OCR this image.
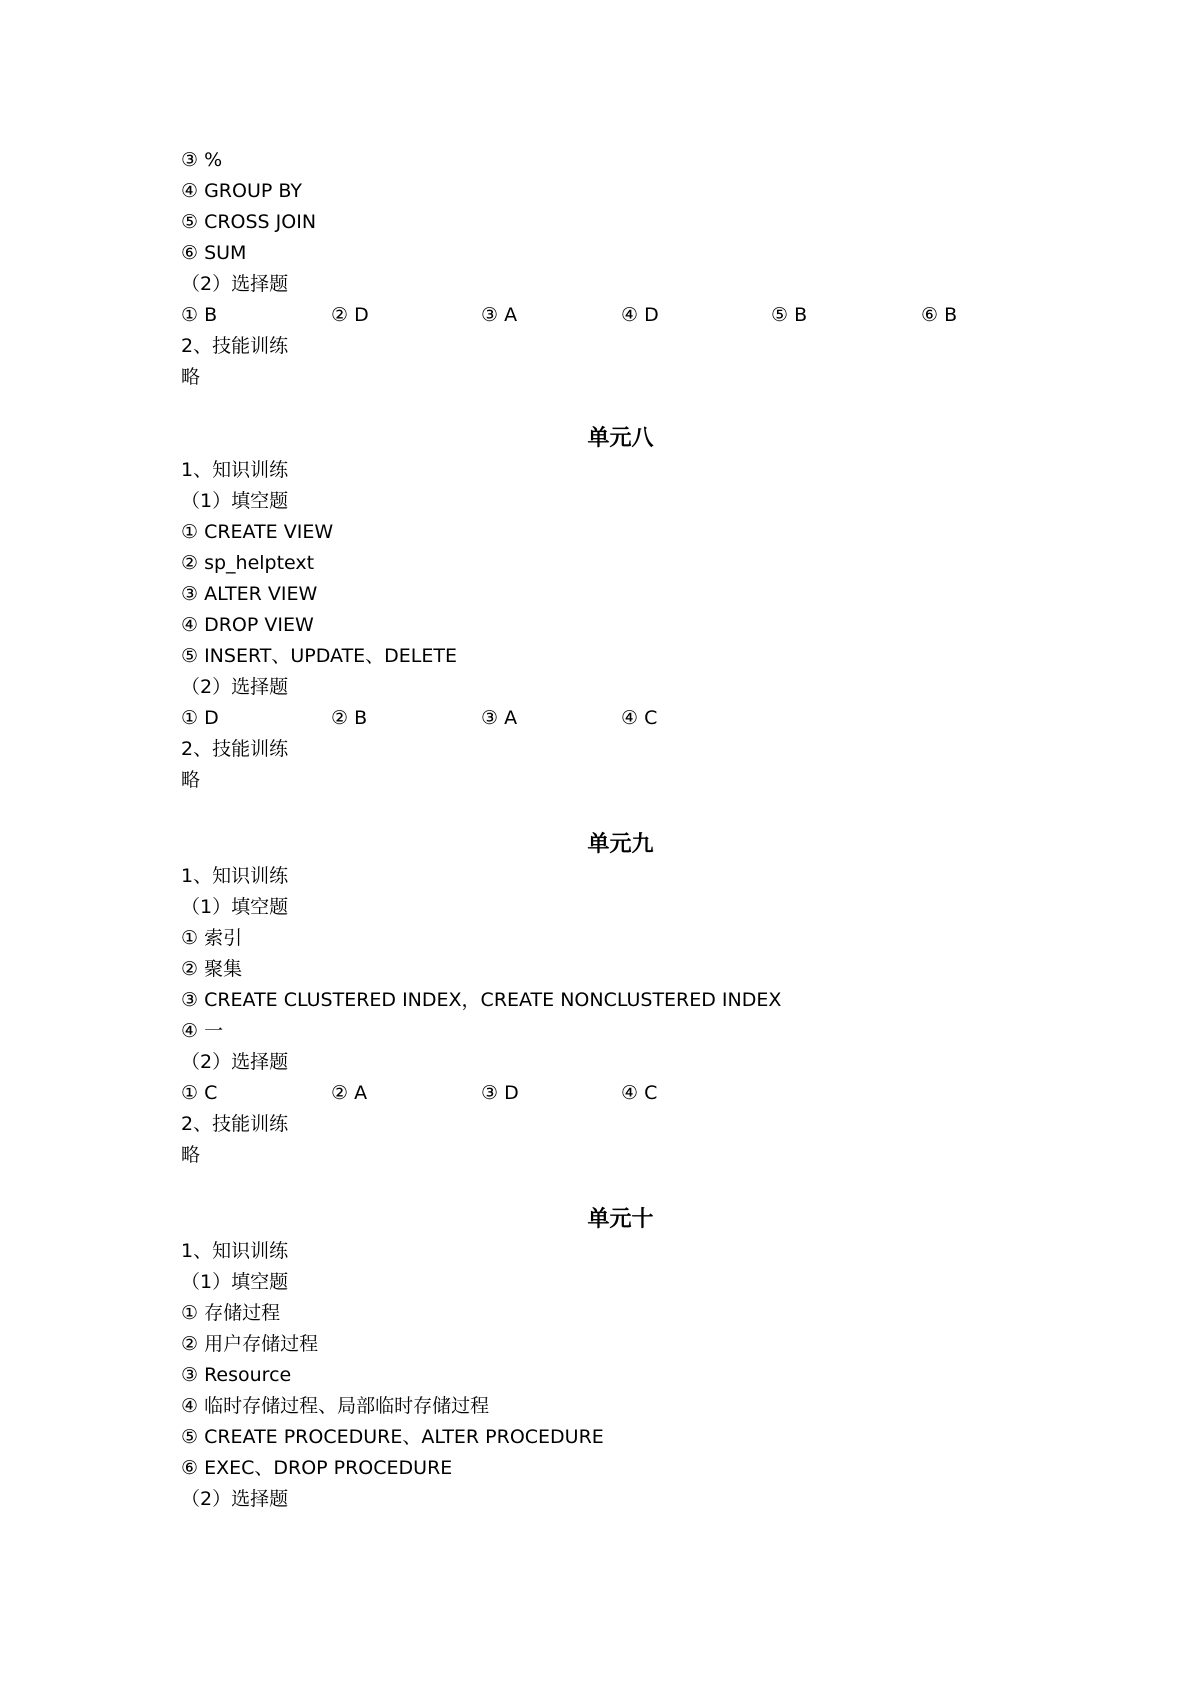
③ %
④ GROUP BY
⑤ CROSS JOIN
⑥ SUM
（2）选择题
① B	② D	③ A	④ D	⑤ B	⑥ B
2、技能训练
略
单元八
1、知识训练
（1）填空题
① CREATE VIEW
② sp_helptext
③ ALTER VIEW
④ DROP VIEW
⑤ INSERT、UPDATE、DELETE
（2）选择题
① D	② B	③ A	④ C
2、技能训练
略
单元九
1、知识训练
（1）填空题
① 索引
② 聚集
③ CREATE CLUSTERED INDEX，CREATE NONCLUSTERED INDEX
④ 一
（2）选择题
① C	② A	③ D	④ C
2、技能训练
略
单元十
1、知识训练
（1）填空题
① 存储过程
② 用户存储过程
③ Resource
④ 临时存储过程、局部临时存储过程
⑤ CREATE PROCEDURE、ALTER PROCEDURE
⑥ EXEC、DROP PROCEDURE
（2）选择题
